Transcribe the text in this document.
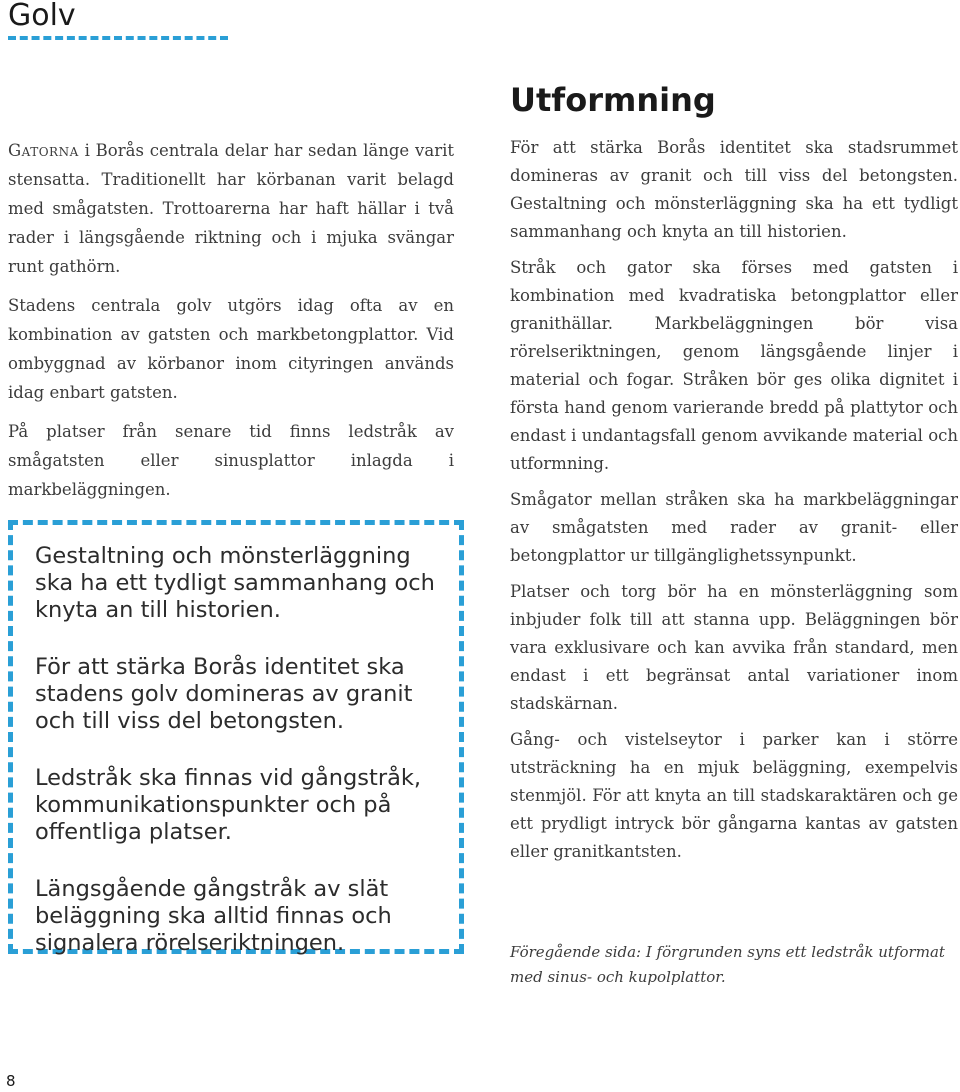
Golv

Gatorna i Borås centrala delar har sedan länge varit stensatta. Traditionellt har körbanan varit belagd med smågatsten. Trottoarerna har haft hällar i två rader i längsgående riktning och i mjuka svängar runt gathörn.

Stadens centrala golv utgörs idag ofta av en kombination av gatsten och markbetongplattor. Vid ombyggnad av körbanor inom cityringen används idag enbart gatsten.

På platser från senare tid finns ledstråk av smågatsten eller sinusplattor inlagda i markbeläggningen.

Gestaltning och mönsterläggning ska ha ett tydligt sammanhang och knyta an till historien.

För att stärka Borås identitet ska stadens golv domineras av granit och till viss del betongsten.

Ledstråk ska finnas vid gångstråk, kommunikationspunkter och på offentliga platser.

Längsgående gångstråk av slät beläggning ska alltid finnas och signalera rörelseriktningen.

Utformning

För att stärka Borås identitet ska stadsrummet domineras av granit och till viss del betongsten. Gestaltning och mönsterläggning ska ha ett tydligt sammanhang och knyta an till historien.

Stråk och gator ska förses med gatsten i kombination med kvadratiska betongplattor eller granithällar. Markbeläggningen bör visa rörelseriktningen, genom längsgående linjer i material och fogar. Stråken bör ges olika dignitet i första hand genom varierande bredd på plattytor och endast i undantagsfall genom avvikande material och utformning.

Smågator mellan stråken ska ha markbeläggningar av smågatsten med rader av granit- eller betongplattor ur tillgänglighetssynpunkt.

Platser och torg bör ha en mönsterläggning som inbjuder folk till att stanna upp. Beläggningen bör vara exklusivare och kan avvika från standard, men endast i ett begränsat antal variationer inom stadskärnan.

Gång- och vistelseytor i parker kan i större utsträckning ha en mjuk beläggning, exempelvis stenmjöl. För att knyta an till stadskaraktären och ge ett prydligt intryck bör gångarna kantas av gatsten eller granitkantsten.

Föregående sida: I förgrunden syns ett ledstråk utformat med sinus- och kupolplattor.
8
